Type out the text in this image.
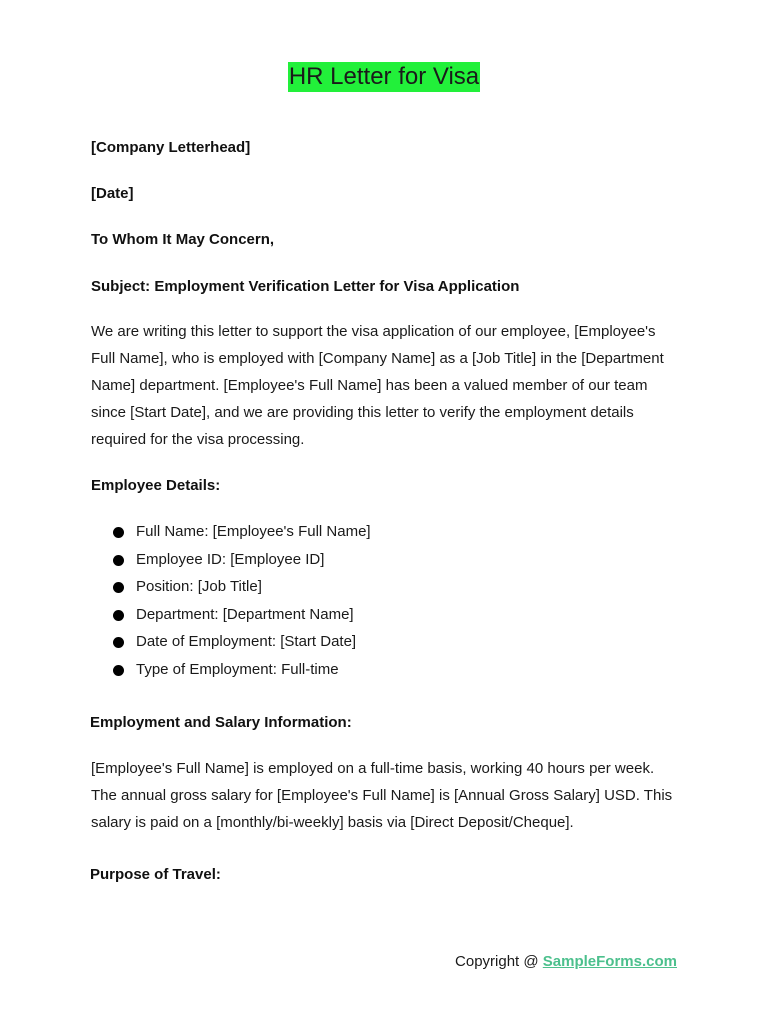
HR Letter for Visa
[Company Letterhead]
[Date]
To Whom It May Concern,
Subject: Employment Verification Letter for Visa Application

We are writing this letter to support the visa application of our employee, [Employee's Full Name], who is employed with [Company Name] as a [Job Title] in the [Department Name] department. [Employee's Full Name] has been a valued member of our team since [Start Date], and we are providing this letter to verify the employment details required for the visa processing.

Employee Details:
Full Name: [Employee's Full Name]
Employee ID: [Employee ID]
Position: [Job Title]
Department: [Department Name]
Date of Employment: [Start Date]
Type of Employment: Full-time
Employment and Salary Information:

[Employee's Full Name] is employed on a full-time basis, working 40 hours per week. The annual gross salary for [Employee's Full Name] is [Annual Gross Salary] USD. This salary is paid on a [monthly/bi-weekly] basis via [Direct Deposit/Cheque].

Purpose of Travel:
Copyright @ SampleForms.com
